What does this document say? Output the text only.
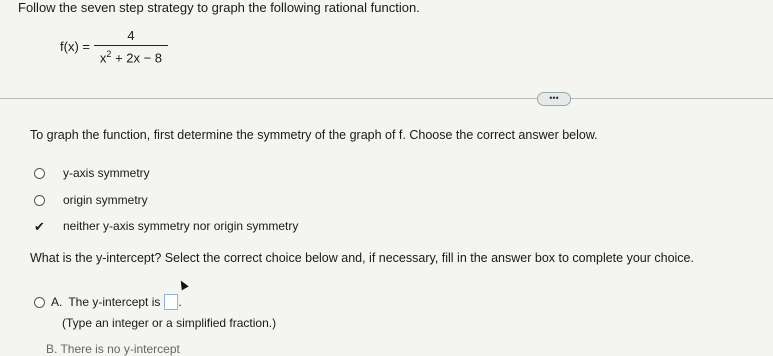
Follow the seven step strategy to graph the following rational function.
$f(x) = \frac{4}{x^2 + 2x - 8}$
•••
To graph the function, first determine the symmetry of the graph of f. Choose the correct answer below.
y-axis symmetry
origin symmetry
✔ neither y-axis symmetry nor origin symmetry
What is the y-intercept? Select the correct choice below and, if necessary, fill in the answer box to complete your choice.
A. The y-intercept is .
(Type an integer or a simplified fraction.)
B. There is no y-intercept
